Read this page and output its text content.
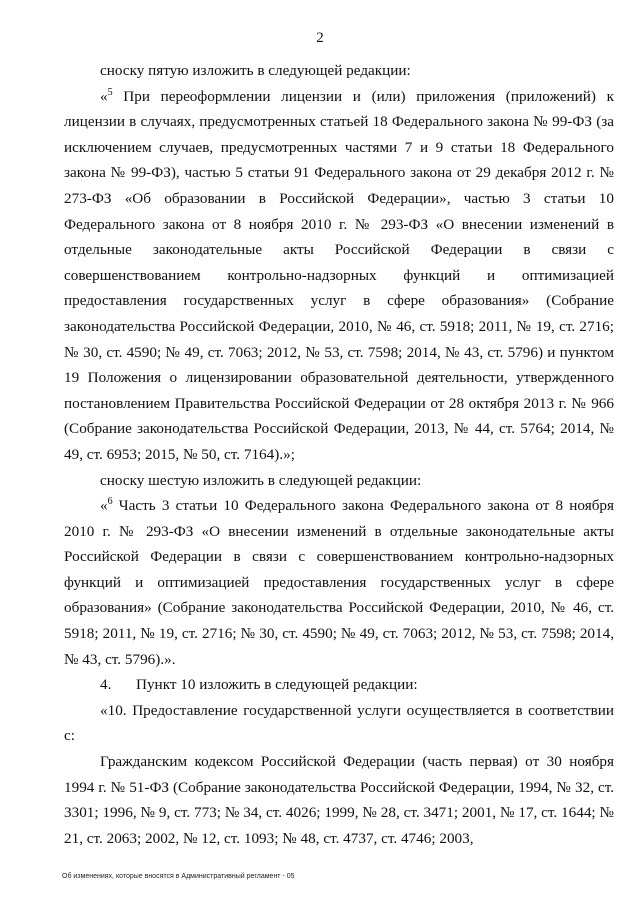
2

сноску пятую изложить в следующей редакции:

«$^5$ При переоформлении лицензии и (или) приложения (приложений) к лицензии в случаях, предусмотренных статьей 18 Федерального закона № 99-ФЗ (за исключением случаев, предусмотренных частями 7 и 9 статьи 18 Федерального закона № 99-ФЗ), частью 5 статьи 91 Федерального закона от 29 декабря 2012 г. № 273-ФЗ «Об образовании в Российской Федерации», частью 3 статьи 10 Федерального закона от 8 ноября 2010 г. № 293-ФЗ «О внесении изменений в отдельные законодательные акты Российской Федерации в связи с совершенствованием контрольно-надзорных функций и оптимизацией предоставления государственных услуг в сфере образования» (Собрание законодательства Российской Федерации, 2010, № 46, ст. 5918; 2011, № 19, ст. 2716; № 30, ст. 4590; № 49, ст. 7063; 2012, № 53, ст. 7598; 2014, № 43, ст. 5796) и пунктом 19 Положения о лицензировании образовательной деятельности, утвержденного постановлением Правительства Российской Федерации от 28 октября 2013 г. № 966 (Собрание законодательства Российской Федерации, 2013, № 44, ст. 5764; 2014, № 49, ст. 6953; 2015, № 50, ст. 7164).»;

сноску шестую изложить в следующей редакции:

«$^6$ Часть 3 статьи 10 Федерального закона Федерального закона от 8 ноября 2010 г. № 293-ФЗ «О внесении изменений в отдельные законодательные акты Российской Федерации в связи с совершенствованием контрольно-надзорных функций и оптимизацией предоставления государственных услуг в сфере образования» (Собрание законодательства Российской Федерации, 2010, № 46, ст. 5918; 2011, № 19, ст. 2716; № 30, ст. 4590; № 49, ст. 7063; 2012, № 53, ст. 7598; 2014, № 43, ст. 5796).».

4. Пункт 10 изложить в следующей редакции:

«10. Предоставление государственной услуги осуществляется в соответствии с:

Гражданским кодексом Российской Федерации (часть первая) от 30 ноября 1994 г. № 51-ФЗ (Собрание законодательства Российской Федерации, 1994, № 32, ст. 3301; 1996, № 9, ст. 773; № 34, ст. 4026; 1999, № 28, ст. 3471; 2001, № 17, ст. 1644; № 21, ст. 2063; 2002, № 12, ст. 1093; № 48, ст. 4737, ст. 4746; 2003,

Об изменениях, которые вносятся в Административный регламент - 05
